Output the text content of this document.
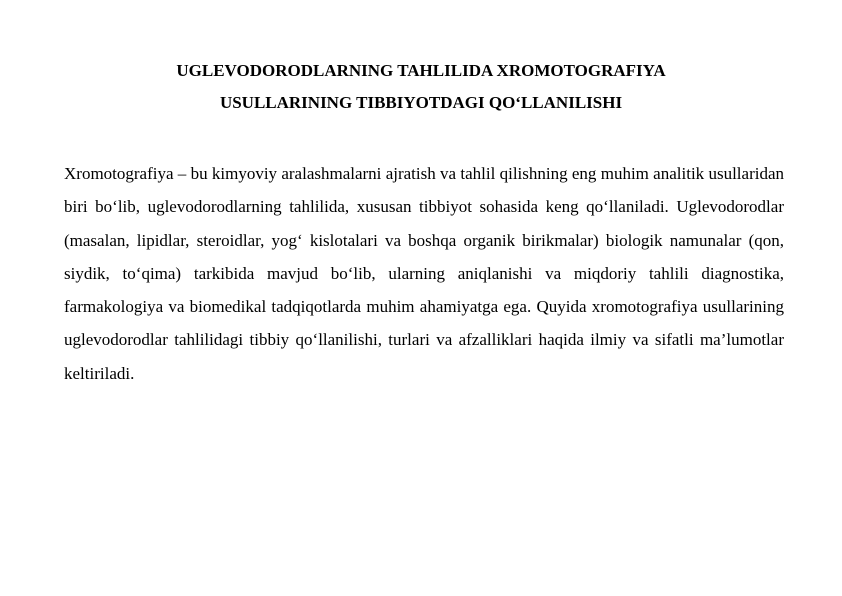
UGLEVODORODLARNING TAHLILIDA XROMOTOGRAFIYA
USULLARINING TIBBIYOTDAGI QO‘LLANILISHI

Xromotografiya – bu kimyoviy aralashmalarni ajratish va tahlil qilishning eng muhim analitik usullaridan biri bo‘lib, uglevodorodlarning tahlilida, xususan tibbiyot sohasida keng qo‘llaniladi. Uglevodorodlar (masalan, lipidlar, steroidlar, yog‘ kislotalari va boshqa organik birikmalar) biologik namunalar (qon, siydik, to‘qima) tarkibida mavjud bo‘lib, ularning aniqlanishi va miqdoriy tahlili diagnostika, farmakologiya va biomedikal tadqiqotlarda muhim ahamiyatga ega. Quyida xromotografiya usullarining uglevodorodlar tahlilidagi tibbiy qo‘llanilishi, turlari va afzalliklari haqida ilmiy va sifatli ma’lumotlar keltiriladi.
